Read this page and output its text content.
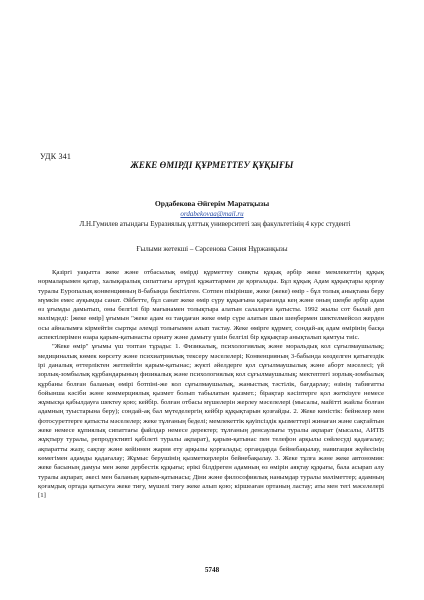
УДК 341
ЖЕКЕ ӨМІРДІ ҚҰРМЕТТЕУ ҚҰҚЫҒЫ
Ордабекова Әйгерім Маратқызы
ordabekovaa@mail.ru
Л.Н.Гумилев атындағы Еуразиялық ұлттық университеті заң факультетінің 4 курс студенті
Ғылыми жетекші – Сәрсенова Сәния Нұржанқызы

Қазіргі уақытта жеке және отбасылық өмірді құрметтеу сияқты құқық әрбір жеке мемлекеттің құқық нормаларымен қатар, халықаралық сипаттағы әртүрлі құжаттармен де қорғалады. Бұл құқық Адам құқықтары қорғау туралы Еуропалық конвенцияның 8-бабында бекітілген. Сотпен пікірінше, жеке (жеке) өмір - бұл толық анықтама беру мүмкін емес ауқымды санат. Әйбетте, бұл санат жеке өмір сүру құқығына қарағанда кең және оның шеңбе әрбір адам өз ұғымды дамытып, оны белгілі бір мағынамен толықтыра алатын салаларға қатысты. 1992 жылы сот былай деп мәлімдеді: [жеке өмір] ұғымын "жеке адам өз таңдаған жеке өмір сүре алатын шын шеңбермен шектелмейсол жерден осы айналымға кірмейтін сыртқы әлемді толығымен алып тастау. Жеке өмірге құрмет, сондай-ақ адам өмірінің басқа аспектілерімен өзара қарым-қатынасты орнату және дамыту үшін белгілі бір құқықтар анықталып қамтуы тиіс.

"Жеке өмір" ұғымы үш топтан тұрады: 1. Физикалық, психологиялық және моральдық кол сұғылмаушылық; медициналық көмек көрсету және психиатриялық тексеру мәселелері; Конвенцияның 3-бабында көзделген қатыгездік ірі даналық өттерліктен жетпейтін қарым-қатынас; жүкті әйелдерге қол сұғылмаушылық және аборт мәселесі; үй зорлық-зомбылық құрбандарының физикалық және психологиялық кол сұғылмаушылық; мектептегі зорлық-зомбылық құрбаны болған баланың өмірі ботпіні-же кол сұғылмаушылық, жаныстық тәстілік, бағдарлау; өзінің табиғатты бойынша кәсіби және коммерциялық қызмет болып табылатын қызмет.; бірақтар кәсіптерге қол жеткізуге немесе жұмысқа қабылдауға шектеу қою; кейбір. болған отбасы мүшелерін жерлеу мәселелері (мысалы, майітті жайлы болған адамның туыстарына беру); сондай-ақ бал мүтеделергің кейбір құқықтарын қозғайды. 2. Жеке кеністік: бейнелер мен фотосуреттерге қатысты мәселелер; жеке тұлғаның беделі; мемлекеттік қауіпсіздік қызметтері жинаған және сақтайтын жеке немесе құпиялық сипаттағы файлдар немесе деректер; тұлғаның денсаулығы туралы ақпарат (мысалы, АИТВ жұқтыру туралы, репродуктивті қабілеті туралы ақпарат), қарым-қатынас пен телефон арқылы сөйлесуді қадағалау; ақпаратты жазу, сақтау және кейіннен жария ету арқылы қорғалады; органдарда бейнебақылау, навигация жүйесінің көмегімен адамды қадағалау; Жұмыс берушінің қызметкерлерін бейнебақылау. 3. Жеке тұлға және жеке автономия: жеке басының дамуы мен жеке дербестік құқығы; ерікі білдіреген адамның өз өмірін аяқтау құқығы, бала асырап алу туралы ақпарат, әкесі мен баланың қарым-қатынасы; Діни және философиялық нанымдар туралы мәліметтер; адамның қоғамдық ортада қатысуға жеке тиғу, мүшелі тиғу жеке алып қою; кіршеаған ортаның ластау; аты мен тегі мәселелері [1]

5748
